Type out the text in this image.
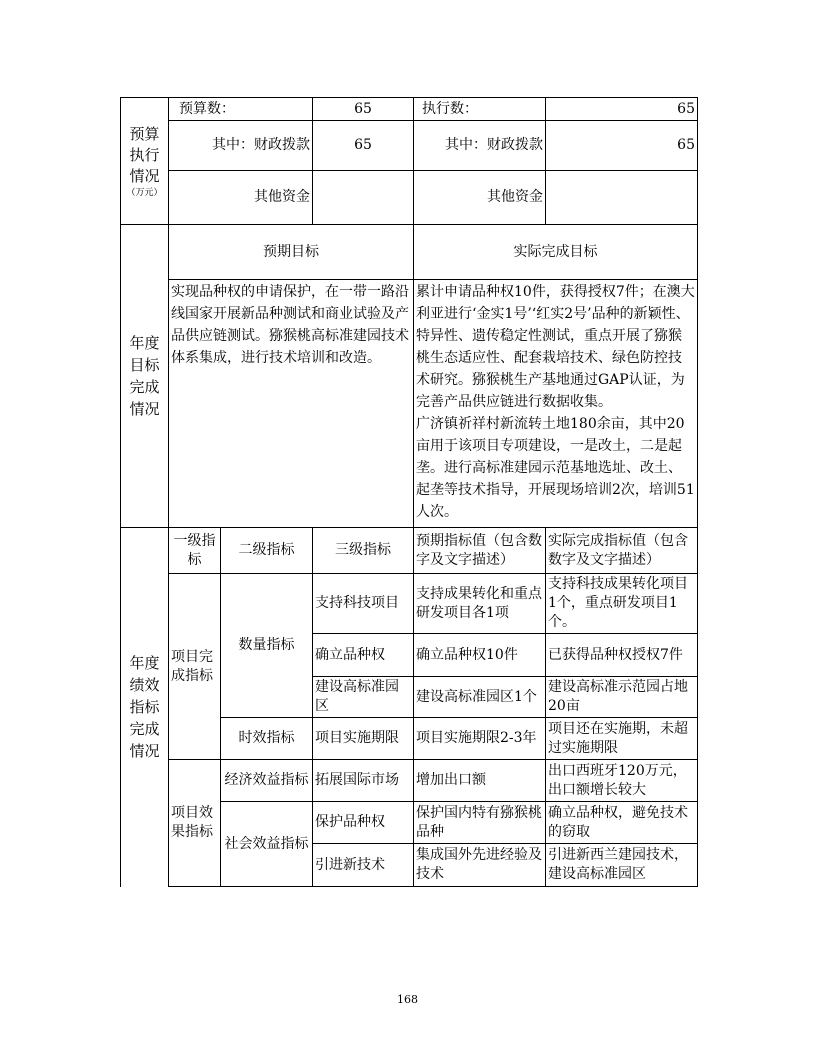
预算
执行
情况
（万元）	预算数：		65	执行数：	65
	其中：财政拨款		65	其中：财政拨款	65
	其他资金			其他资金	

年度
目标
完成
情况	预期目标			实际完成目标	
	实现品种权的申请保护，在一带一路沿线国家开展新品种测试和商业试验及产品供应链测试。猕猴桃高标准建园技术体系集成，进行技术培训和改造。			累计申请品种权10件，获得授权7件；在澳大利亚进行‘金实1号’‘红实2号’品种的新颖性、特异性、遗传稳定性测试，重点开展了猕猴桃生态适应性、配套栽培技术、绿色防控技术研究。猕猴桃生产基地通过GAP认证，为完善产品供应链进行数据收集。
广济镇祈祥村新流转土地180余亩，其中20亩用于该项目专项建设，一是改土，二是起垄。进行高标准建园示范基地选址、改土、起垄等技术指导，开展现场培训2次，培训51人次。	

年度
绩效
指标
完成
情况	一级指标	二级指标	三级指标	预期指标值（包含数字及文字描述）	实际完成指标值（包含数字及文字描述）
	项目完成指标	数量指标	支持科技项目	支持成果转化和重点研发项目各1项	支持科技成果转化项目1个，重点研发项目1个。
			确立品种权	确立品种权10件	已获得品种权授权7件
			建设高标准园区	建设高标准园区1个	建设高标准示范园占地20亩
		时效指标	项目实施期限	项目实施期限2-3年	项目还在实施期，未超过实施期限
	项目效果指标	经济效益指标	拓展国际市场	增加出口额	出口西班牙120万元，出口额增长较大
		社会效益指标	保护品种权	保护国内特有猕猴桃品种	确立品种权，避免技术的窃取
			引进新技术	集成国外先进经验及技术	引进新西兰建园技术，建设高标准园区
168
